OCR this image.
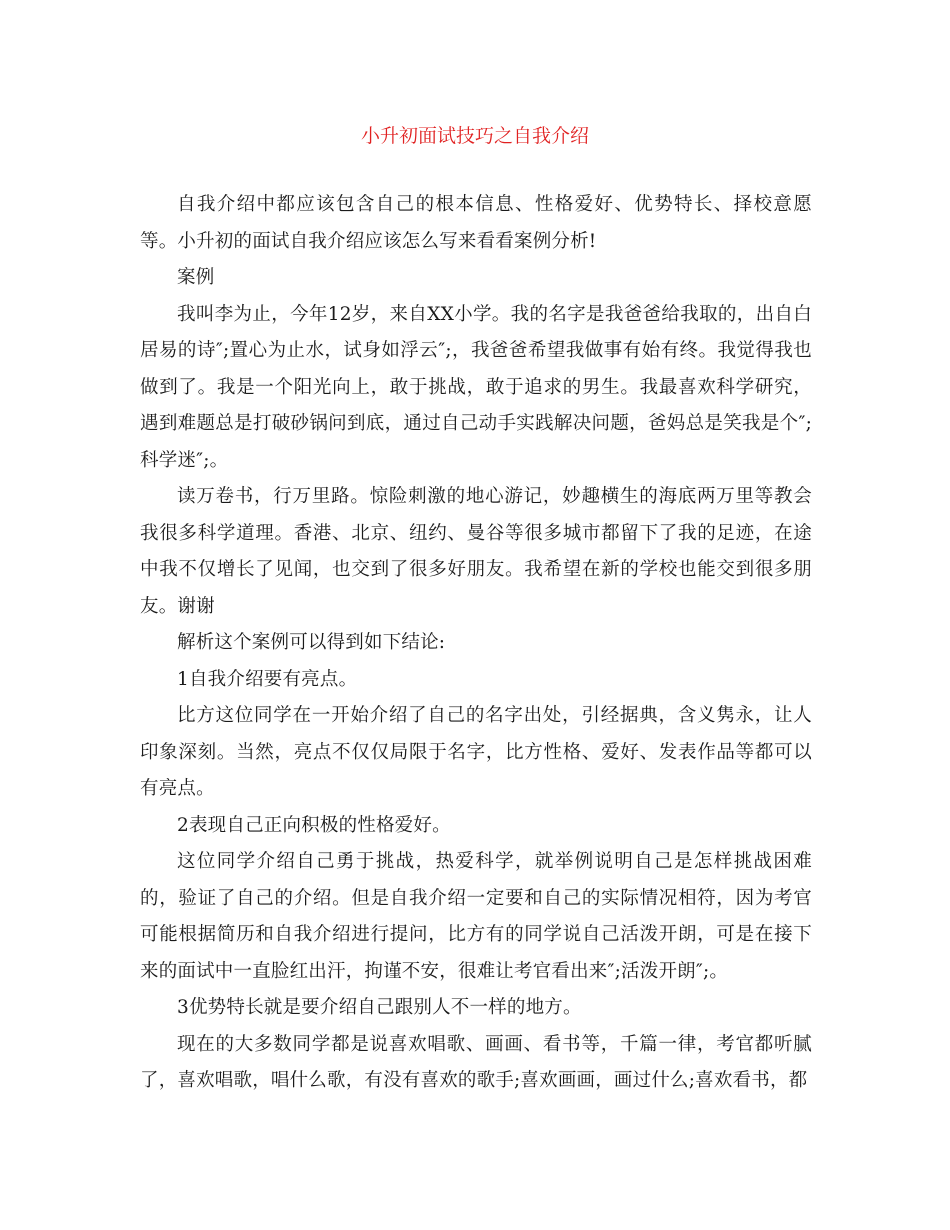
小升初面试技巧之自我介绍

自我介绍中都应该包含自己的根本信息、性格爱好、优势特长、择校意愿等。小升初的面试自我介绍应该怎么写来看看案例分析!

案例

我叫李为止，今年12岁，来自XX小学。我的名字是我爸爸给我取的，出自白居易的诗″;置心为止水，试身如浮云″;，我爸爸希望我做事有始有终。我觉得我也做到了。我是一个阳光向上，敢于挑战，敢于追求的男生。我最喜欢科学研究，遇到难题总是打破砂锅问到底，通过自己动手实践解决问题，爸妈总是笑我是个″;科学迷″;。

读万卷书，行万里路。惊险刺激的地心游记，妙趣横生的海底两万里等教会我很多科学道理。香港、北京、纽约、曼谷等很多城市都留下了我的足迹，在途中我不仅增长了见闻，也交到了很多好朋友。我希望在新的学校也能交到很多朋友。谢谢

解析这个案例可以得到如下结论:

1自我介绍要有亮点。

比方这位同学在一开始介绍了自己的名字出处，引经据典，含义隽永，让人印象深刻。当然，亮点不仅仅局限于名字，比方性格、爱好、发表作品等都可以有亮点。

2表现自己正向积极的性格爱好。

这位同学介绍自己勇于挑战，热爱科学，就举例说明自己是怎样挑战困难的，验证了自己的介绍。但是自我介绍一定要和自己的实际情况相符，因为考官可能根据简历和自我介绍进行提问，比方有的同学说自己活泼开朗，可是在接下来的面试中一直脸红出汗，拘谨不安，很难让考官看出来″;活泼开朗″;。

3优势特长就是要介绍自己跟别人不一样的地方。

现在的大多数同学都是说喜欢唱歌、画画、看书等，千篇一律，考官都听腻了，喜欢唱歌，唱什么歌，有没有喜欢的歌手;喜欢画画，画过什么;喜欢看书，都
